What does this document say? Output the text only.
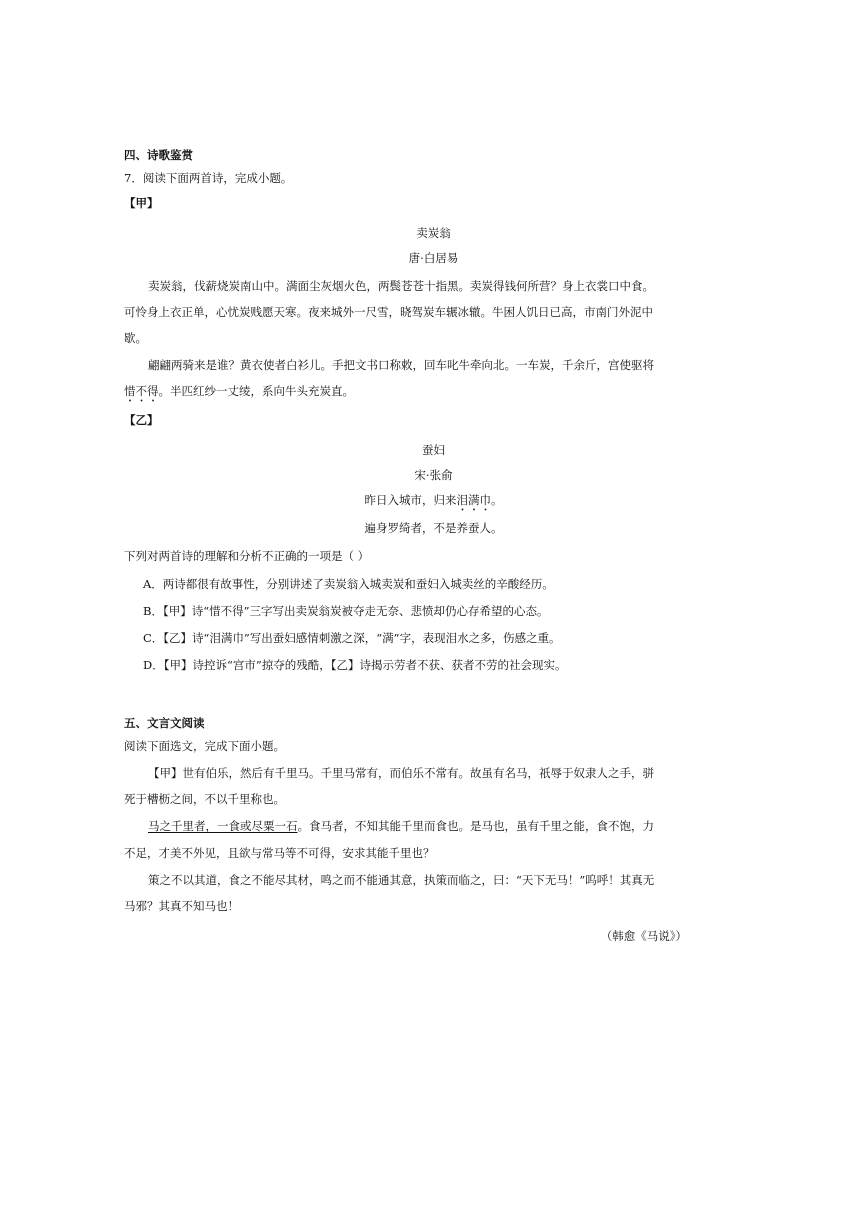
四、诗歌鉴赏
7．阅读下面两首诗，完成小题。
【甲】
卖炭翁
唐·白居易
卖炭翁，伐薪烧炭南山中。满面尘灰烟火色，两鬓苍苍十指黑。卖炭得钱何所营？身上衣裳口中食。
可怜身上衣正单，心忧炭贱愿天寒。夜来城外一尺雪，晓驾炭车辗冰辙。牛困人饥日已高，市南门外泥中
歇。
翩翩两骑来是谁？黄衣使者白衫儿。手把文书口称敕，回车叱牛牵向北。一车炭，千余斤，宫使驱将
惜不得。半匹红纱一丈绫，系向牛头充炭直。
【乙】
蚕妇
宋·张俞
昨日入城市，归来泪满巾。
遍身罗绮者，不是养蚕人。
下列对两首诗的理解和分析不正确的一项是（ ）
A．两诗都很有故事性，分别讲述了卖炭翁入城卖炭和蚕妇入城卖丝的辛酸经历。
B．【甲】诗“惜不得”三字写出卖炭翁炭被夺走无奈、悲愤却仍心存希望的心态。
C．【乙】诗“泪满巾”写出蚕妇感情刺激之深，“满”字，表现泪水之多，伤感之重。
D．【甲】诗控诉“宫市”掠夺的残酷，【乙】诗揭示劳者不获、获者不劳的社会现实。
五、文言文阅读
阅读下面选文，完成下面小题。
【甲】世有伯乐，然后有千里马。千里马常有，而伯乐不常有。故虽有名马，祇辱于奴隶人之手，骈
死于槽枥之间，不以千里称也。
马之千里者，一食或尽粟一石。食马者，不知其能千里而食也。是马也，虽有千里之能，食不饱，力
不足，才美不外见，且欲与常马等不可得，安求其能千里也？
策之不以其道，食之不能尽其材，鸣之而不能通其意，执策而临之，曰：“天下无马！”呜呼！其真无
马邪？其真不知马也！
（韩愈《马说》）
